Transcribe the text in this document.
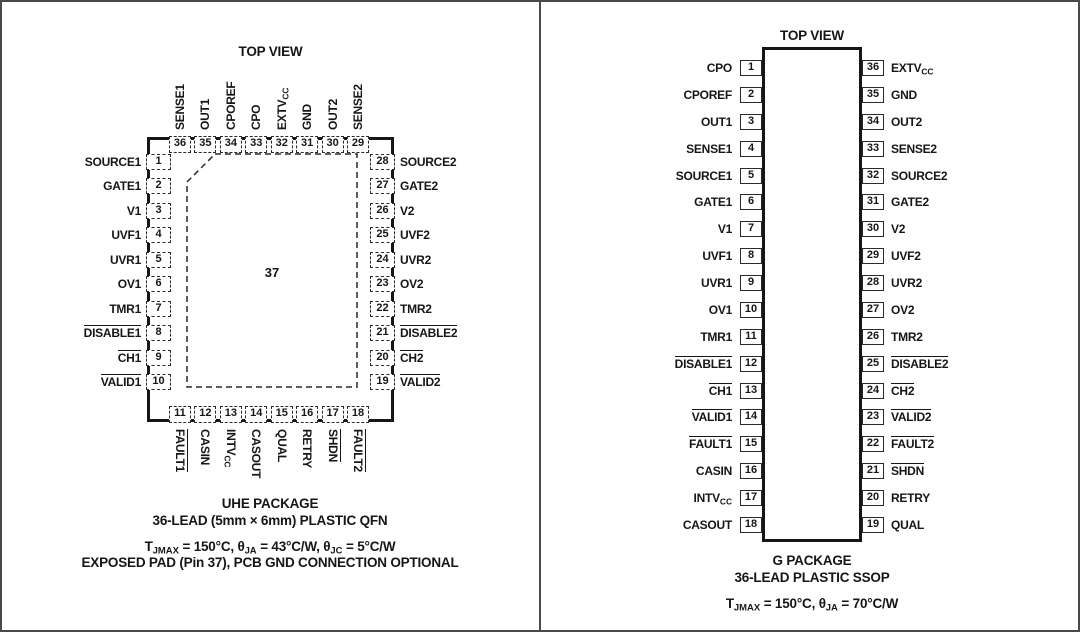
TOP VIEW
37
UHE PACKAGE
36-LEAD (5mm × 6mm) PLASTIC QFN
$T_{JMAX} = 150^\circ C$, $\theta_{JA} = 43^\circ C/W$, $\theta_{JC} = 5^\circ C/W$
EXPOSED PAD (Pin 37), PCB GND CONNECTION OPTIONAL
TOP VIEW
G PACKAGE
36-LEAD PLASTIC SSOP
$T_{JMAX} = 150^\circ C$, $\theta_{JA} = 70^\circ C/W$
36
SENSE1
35
OUT1
34
CPOREF
33
CPO
32
$EXTV_{CC}$
31
GND
30
OUT2
29
SENSE2
11
FAULT1
12
CASIN
13
$INTV_{CC}$
14
CASOUT
15
QUAL
16
RETRY
17
SHDN
18
FAULT2
1
SOURCE1
2
GATE1
3
V1
4
UVF1
5
UVR1
6
OV1
7
TMR1
8
DISABLE1
9
CH1
10
VALID1
28 SOURCE2
27 GATE2
26 V2
25 UVF2
24 UVR2
23 OV2
22 TMR2
21 DISABLE2
20 CH2
19 VALID2
1
CPO
2
CPOREF
3
OUT1
4
SENSE1
5
SOURCE1
6
GATE1
7
V1
8
UVF1
9
UVR1
10
OV1
11
TMR1
12
DISABLE1
13
CH1
14
VALID1
15
FAULT1
16
CASIN
17
$INTV_{CC}$
18
CASOUT
36 $EXTV_{CC}$
35 GND
34 OUT2
33 SENSE2
32 SOURCE2
31 GATE2
30 V2
29 UVF2
28 UVR2
27 OV2
26 TMR2
25 DISABLE2
24 CH2
23 VALID2
22 FAULT2
21 SHDN
20 RETRY
19 QUAL
